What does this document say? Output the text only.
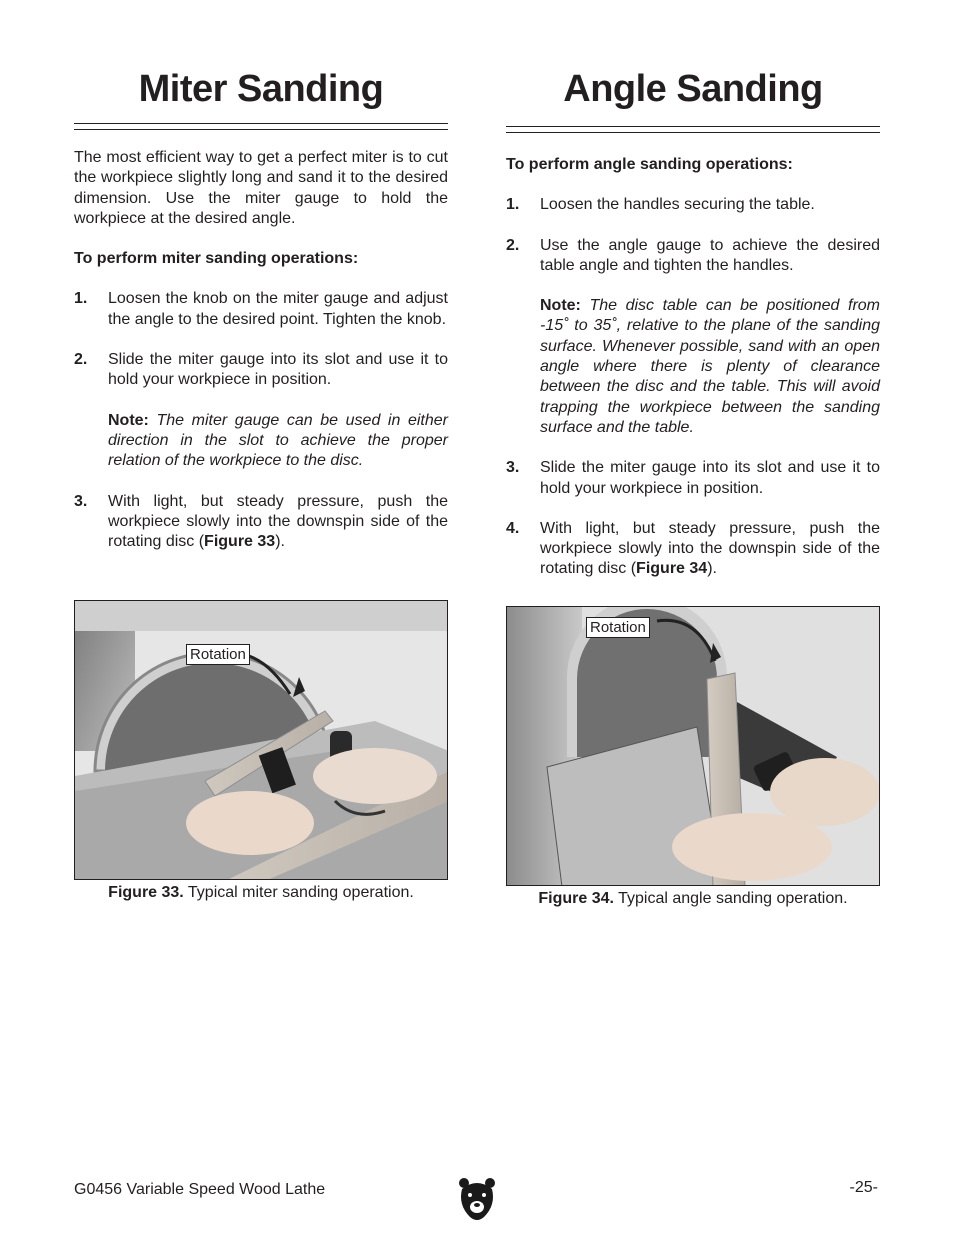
Miter Sanding

The most efficient way to get a perfect miter is to cut the workpiece slightly long and sand it to the desired dimension. Use the miter gauge to hold the workpiece at the desired angle.

To perform miter sanding operations:

1. Loosen the knob on the miter gauge and adjust the angle to the desired point. Tighten the knob.

2. Slide the miter gauge into its slot and use it to hold your workpiece in position.

Note: The miter gauge can be used in either direction in the slot to achieve the proper relation of the workpiece to the disc.

3. With light, but steady pressure, push the workpiece slowly into the downspin side of the rotating disc (Figure 33).

Rotation
Figure 33. Typical miter sanding operation.
Angle Sanding

To perform angle sanding operations:

1. Loosen the handles securing the table.

2. Use the angle gauge to achieve the desired table angle and tighten the handles.

Note: The disc table can be positioned from -15˚ to 35˚, relative to the plane of the sanding surface. Whenever possible, sand with an open angle where there is plenty of clearance between the disc and the table. This will avoid trapping the workpiece between the sanding surface and the table.

3. Slide the miter gauge into its slot and use it to hold your workpiece in position.

4. With light, but steady pressure, push the workpiece slowly into the downspin side of the rotating disc (Figure 34).

Rotation
Figure 34. Typical angle sanding operation.
G0456 Variable Speed Wood Lathe	-25-
